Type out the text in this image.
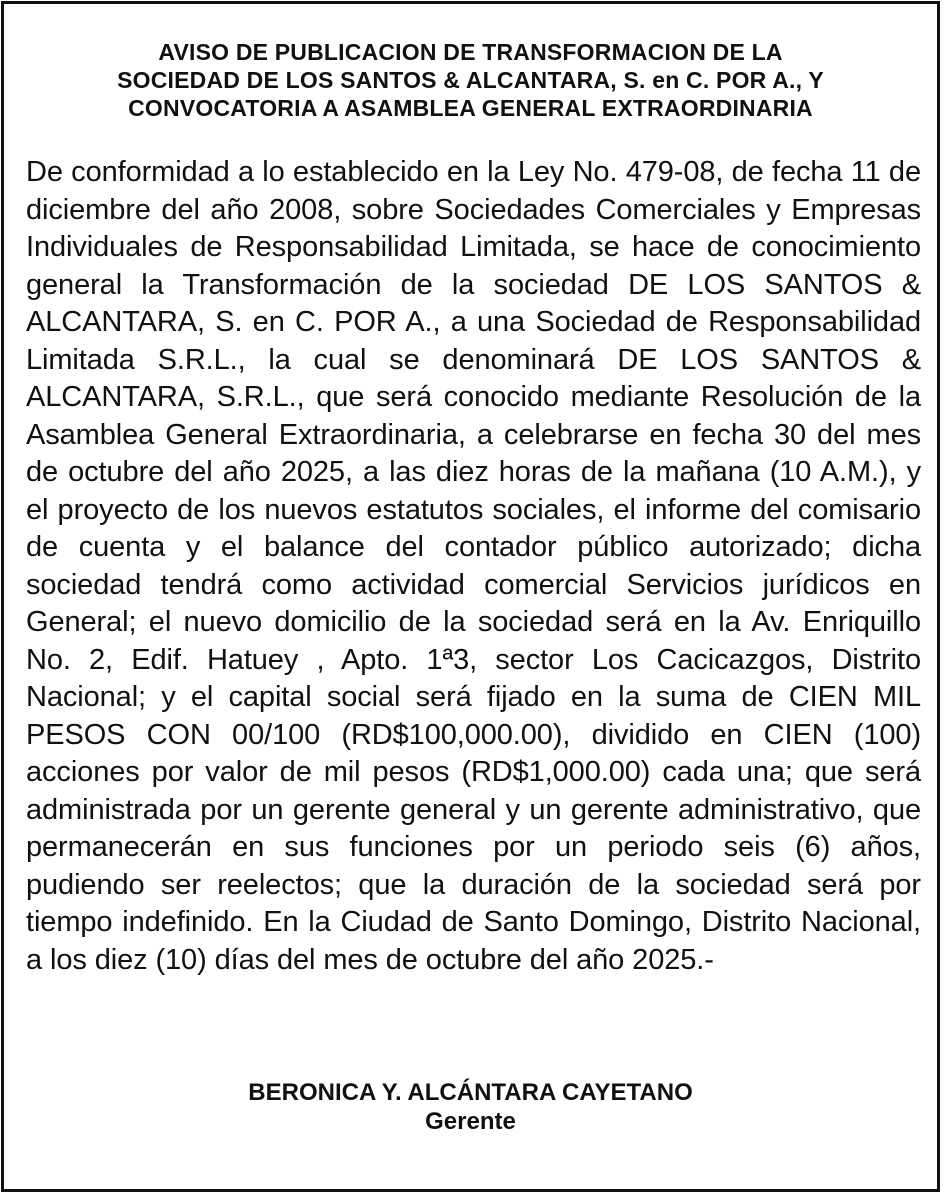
AVISO DE PUBLICACION DE TRANSFORMACION DE LA
SOCIEDAD DE LOS SANTOS & ALCANTARA, S. en C. POR A., Y
CONVOCATORIA A ASAMBLEA GENERAL EXTRAORDINARIA

De conformidad a lo establecido en la Ley No. 479-08, de fecha 11 de diciembre del año 2008, sobre Sociedades Comerciales y Empresas Individuales de Responsabilidad Limitada, se hace de conocimiento general la Transformación de la sociedad DE LOS SANTOS & ALCANTARA, S. en C. POR A., a una Sociedad de Responsabilidad Limitada S.R.L., la cual se denominará DE LOS SANTOS & ALCANTARA, S.R.L., que será conocido mediante Resolución de la Asamblea General Extraordinaria, a celebrarse en fecha 30 del mes de octubre del año 2025, a las diez horas de la mañana (10 A.M.), y el proyecto de los nuevos estatutos sociales, el informe del comisario de cuenta y el balance del contador público autorizado; dicha sociedad tendrá como actividad comercial Servicios jurídicos en General; el nuevo domicilio de la sociedad será en la Av. Enriquillo No. 2, Edif. Hatuey , Apto. 1ª3, sector Los Cacicazgos, Distrito Nacional; y el capital social será fijado en la suma de CIEN MIL PESOS CON 00/100 (RD$100,000.00), dividido en CIEN (100) acciones por valor de mil pesos (RD$1,000.00) cada una; que será administrada por un gerente general y un gerente administrativo, que permanecerán en sus funciones por un periodo seis (6) años, pudiendo ser reelectos; que la duración de la sociedad será por tiempo indefinido. En la Ciudad de Santo Domingo, Distrito Nacional, a los diez (10) días del mes de octubre del año 2025.-

BERONICA Y. ALCÁNTARA CAYETANO
Gerente
